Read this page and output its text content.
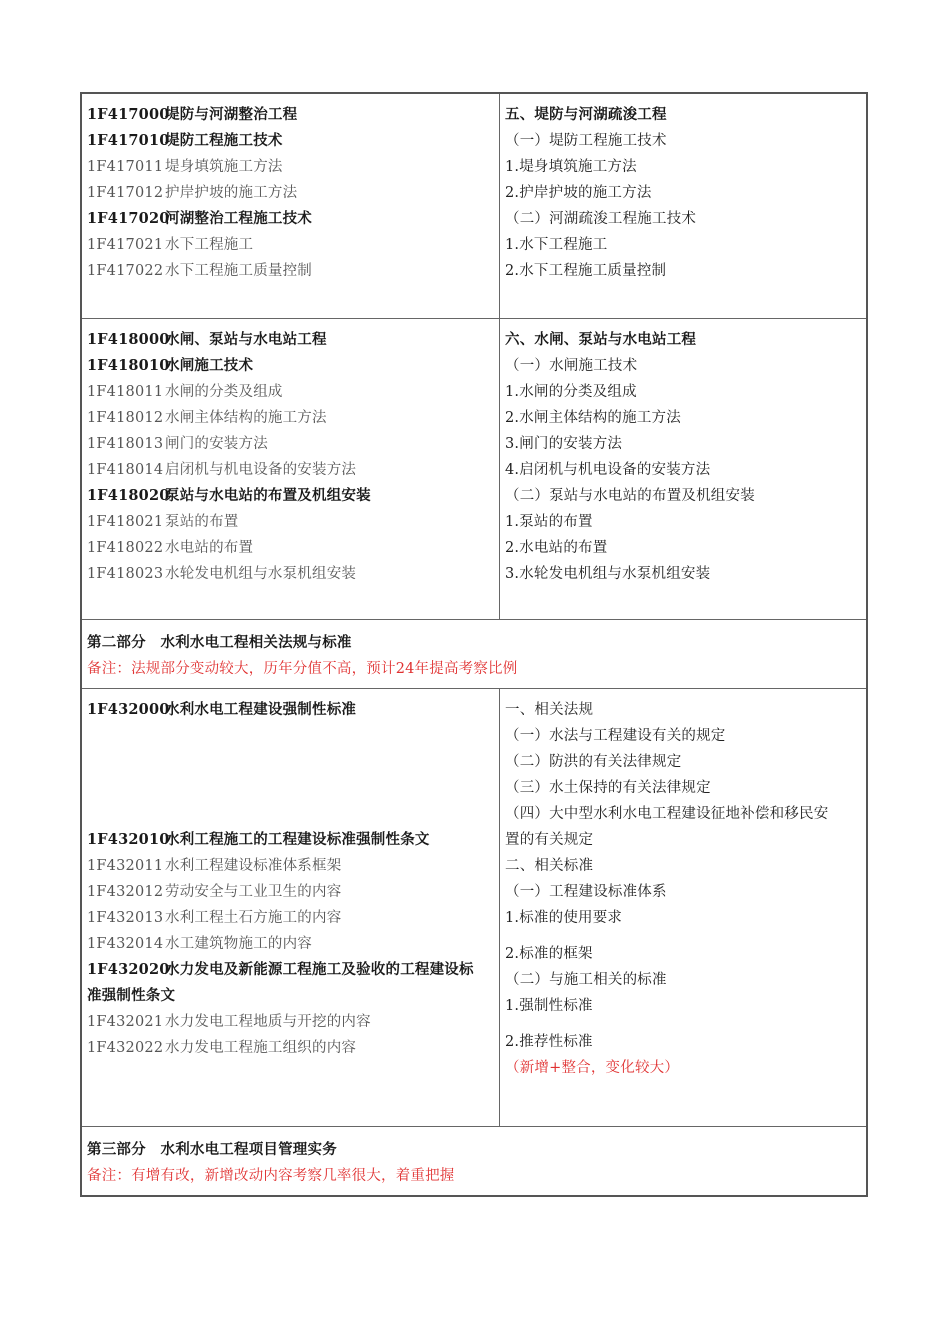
1F417000堤防与河湖整治工程
1F417010堤防工程施工技术
1F417011 堤身填筑施工方法
1F417012 护岸护坡的施工方法
1F417020河湖整治工程施工技术
1F417021 水下工程施工
1F417022 水下工程施工质量控制
五、堤防与河湖疏浚工程
（一）堤防工程施工技术
1.堤身填筑施工方法
2.护岸护坡的施工方法
（二）河湖疏浚工程施工技术
1.水下工程施工
2.水下工程施工质量控制
1F418000水闸、泵站与水电站工程
1F418010水闸施工技术
1F418011 水闸的分类及组成
1F418012 水闸主体结构的施工方法
1F418013 闸门的安装方法
1F418014 启闭机与机电设备的安装方法
1F418020泵站与水电站的布置及机组安装
1F418021 泵站的布置
1F418022 水电站的布置
1F418023 水轮发电机组与水泵机组安装
六、水闸、泵站与水电站工程
（一）水闸施工技术
1.水闸的分类及组成
2.水闸主体结构的施工方法
3.闸门的安装方法
4.启闭机与机电设备的安装方法
（二）泵站与水电站的布置及机组安装
1.泵站的布置
2.水电站的布置
3.水轮发电机组与水泵机组安装
第二部分　水利水电工程相关法规与标准
备注：法规部分变动较大，历年分值不高，预计24年提高考察比例
1F432000水利水电工程建设强制性标准
1F432010水利工程施工的工程建设标准强制性条文
1F432011 水利工程建设标准体系框架
1F432012 劳动安全与工业卫生的内容
1F432013 水利工程土石方施工的内容
1F432014 水工建筑物施工的内容
1F432020水力发电及新能源工程施工及验收的工程建设标
准强制性条文
1F432021 水力发电工程地质与开挖的内容
1F432022 水力发电工程施工组织的内容
一、相关法规
（一）水法与工程建设有关的规定
（二）防洪的有关法律规定
（三）水土保持的有关法律规定
（四）大中型水利水电工程建设征地补偿和移民安
置的有关规定
二、相关标准
（一）工程建设标准体系
1.标准的使用要求
2.标准的框架
（二）与施工相关的标准
1.强制性标准
2.推荐性标准
（新增+整合，变化较大）
第三部分　水利水电工程项目管理实务
备注：有增有改，新增改动内容考察几率很大，着重把握
